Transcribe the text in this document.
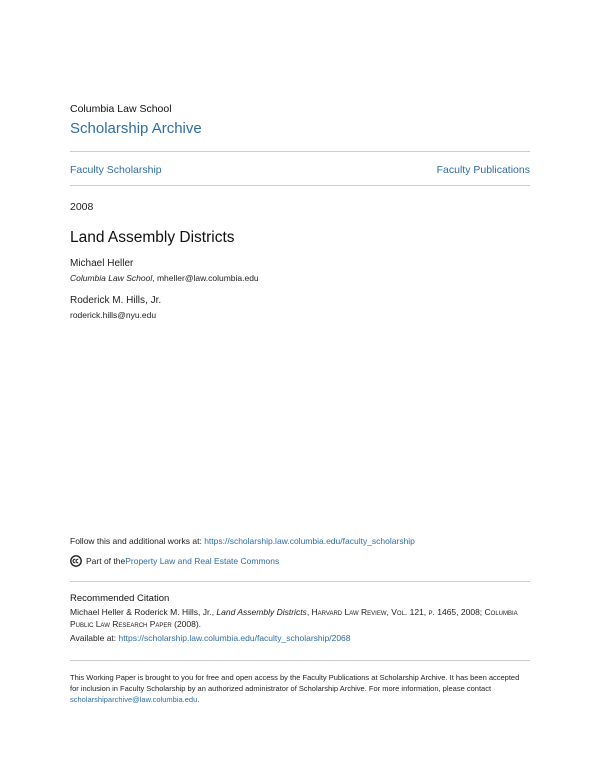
Columbia Law School
Scholarship Archive
Faculty Scholarship	Faculty Publications
2008
Land Assembly Districts
Michael Heller
Columbia Law School, mheller@law.columbia.edu
Roderick M. Hills, Jr.
roderick.hills@nyu.edu
Follow this and additional works at: https://scholarship.law.columbia.edu/faculty_scholarship
Part of the Property Law and Real Estate Commons
Recommended Citation
Michael Heller & Roderick M. Hills, Jr., Land Assembly Districts, Harvard Law Review, Vol. 121, p. 1465, 2008; Columbia Public Law Research Paper (2008).
Available at: https://scholarship.law.columbia.edu/faculty_scholarship/2068
This Working Paper is brought to you for free and open access by the Faculty Publications at Scholarship Archive. It has been accepted for inclusion in Faculty Scholarship by an authorized administrator of Scholarship Archive. For more information, please contact scholarshiparchive@law.columbia.edu.
